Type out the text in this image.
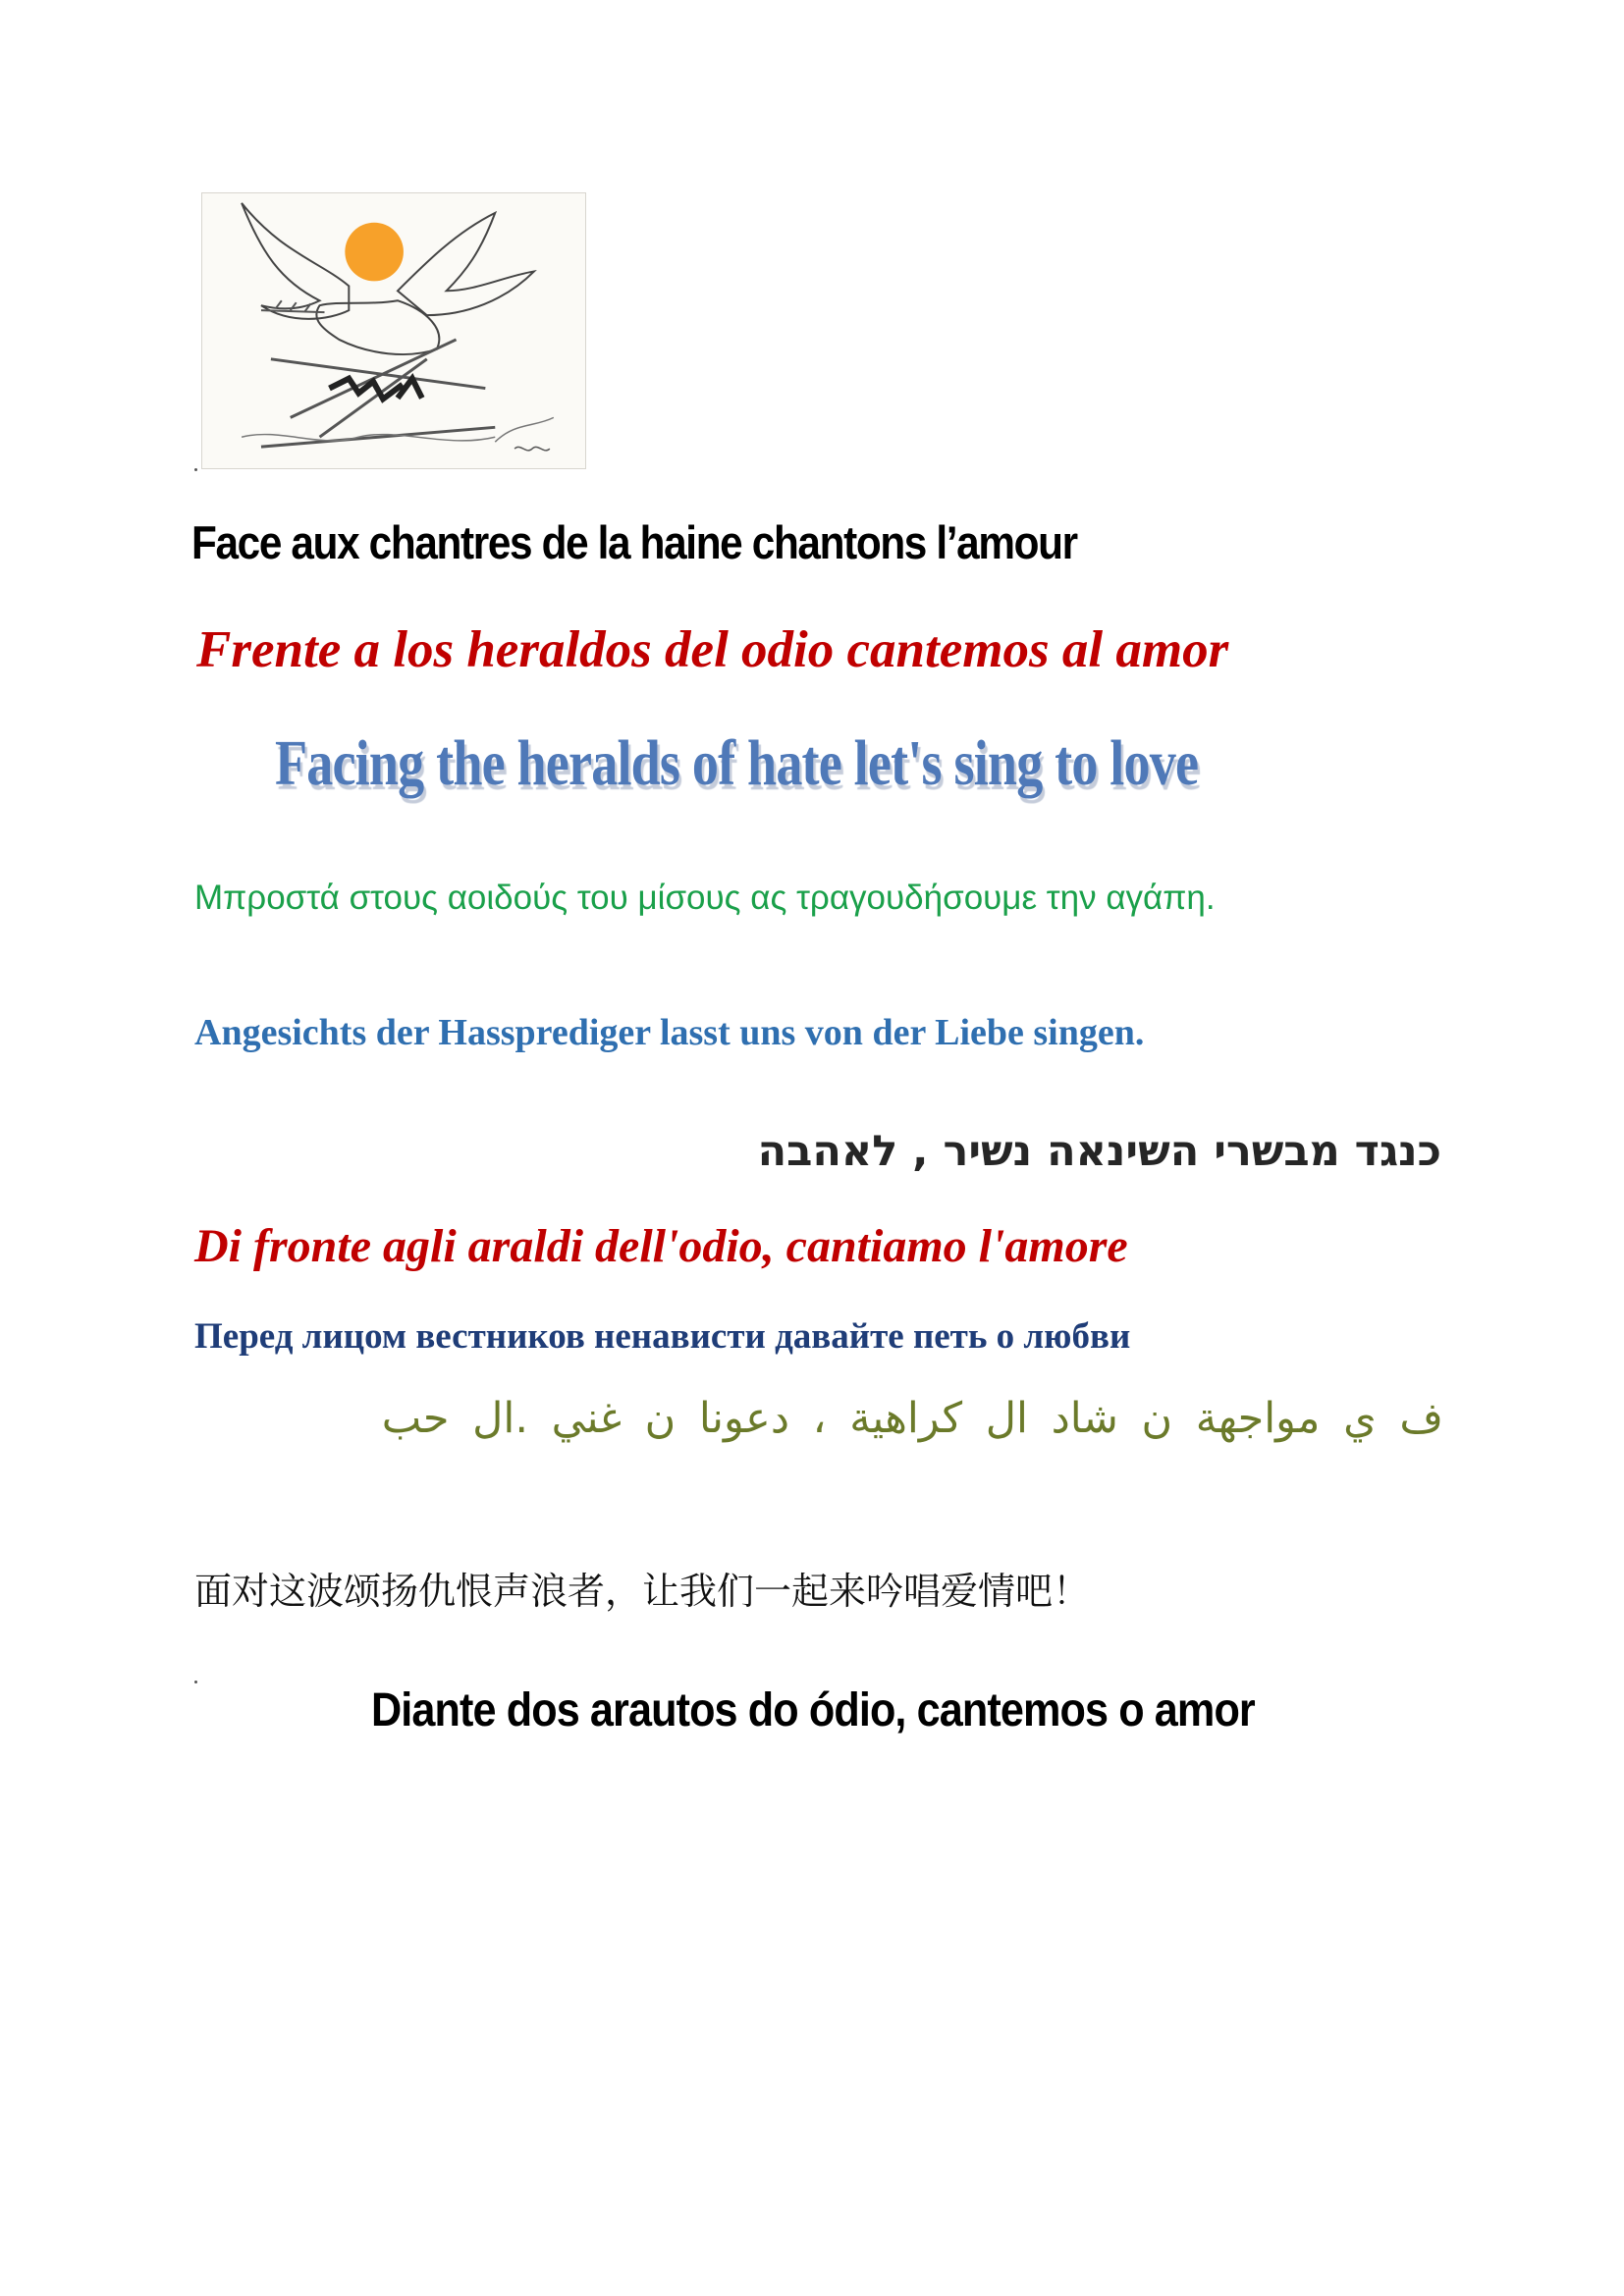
Face aux chantres de la haine chantons l’amour
Frente a los heraldos del odio cantemos al amor
Facing the heralds of hate let's sing to love
Μπροστά στους αοιδούς του μίσους ας τραγουδήσουμε την αγάπη.
Angesichts der Hassprediger lasst uns von der Liebe singen.
כנגד מבשרי השינאה נשיר , לאהבה
Di fronte agli araldi dell'odio, cantiamo l'amore
Перед лицом вестников ненависти давайте петь о любви
ف ي مواجهة ن شاد ال كراهية ، دعونا ن غني .ال حب
面对这波颂扬仇恨声浪者，让我们一起来吟唱爱情吧！
Diante dos arautos do ódio, cantemos o amor
